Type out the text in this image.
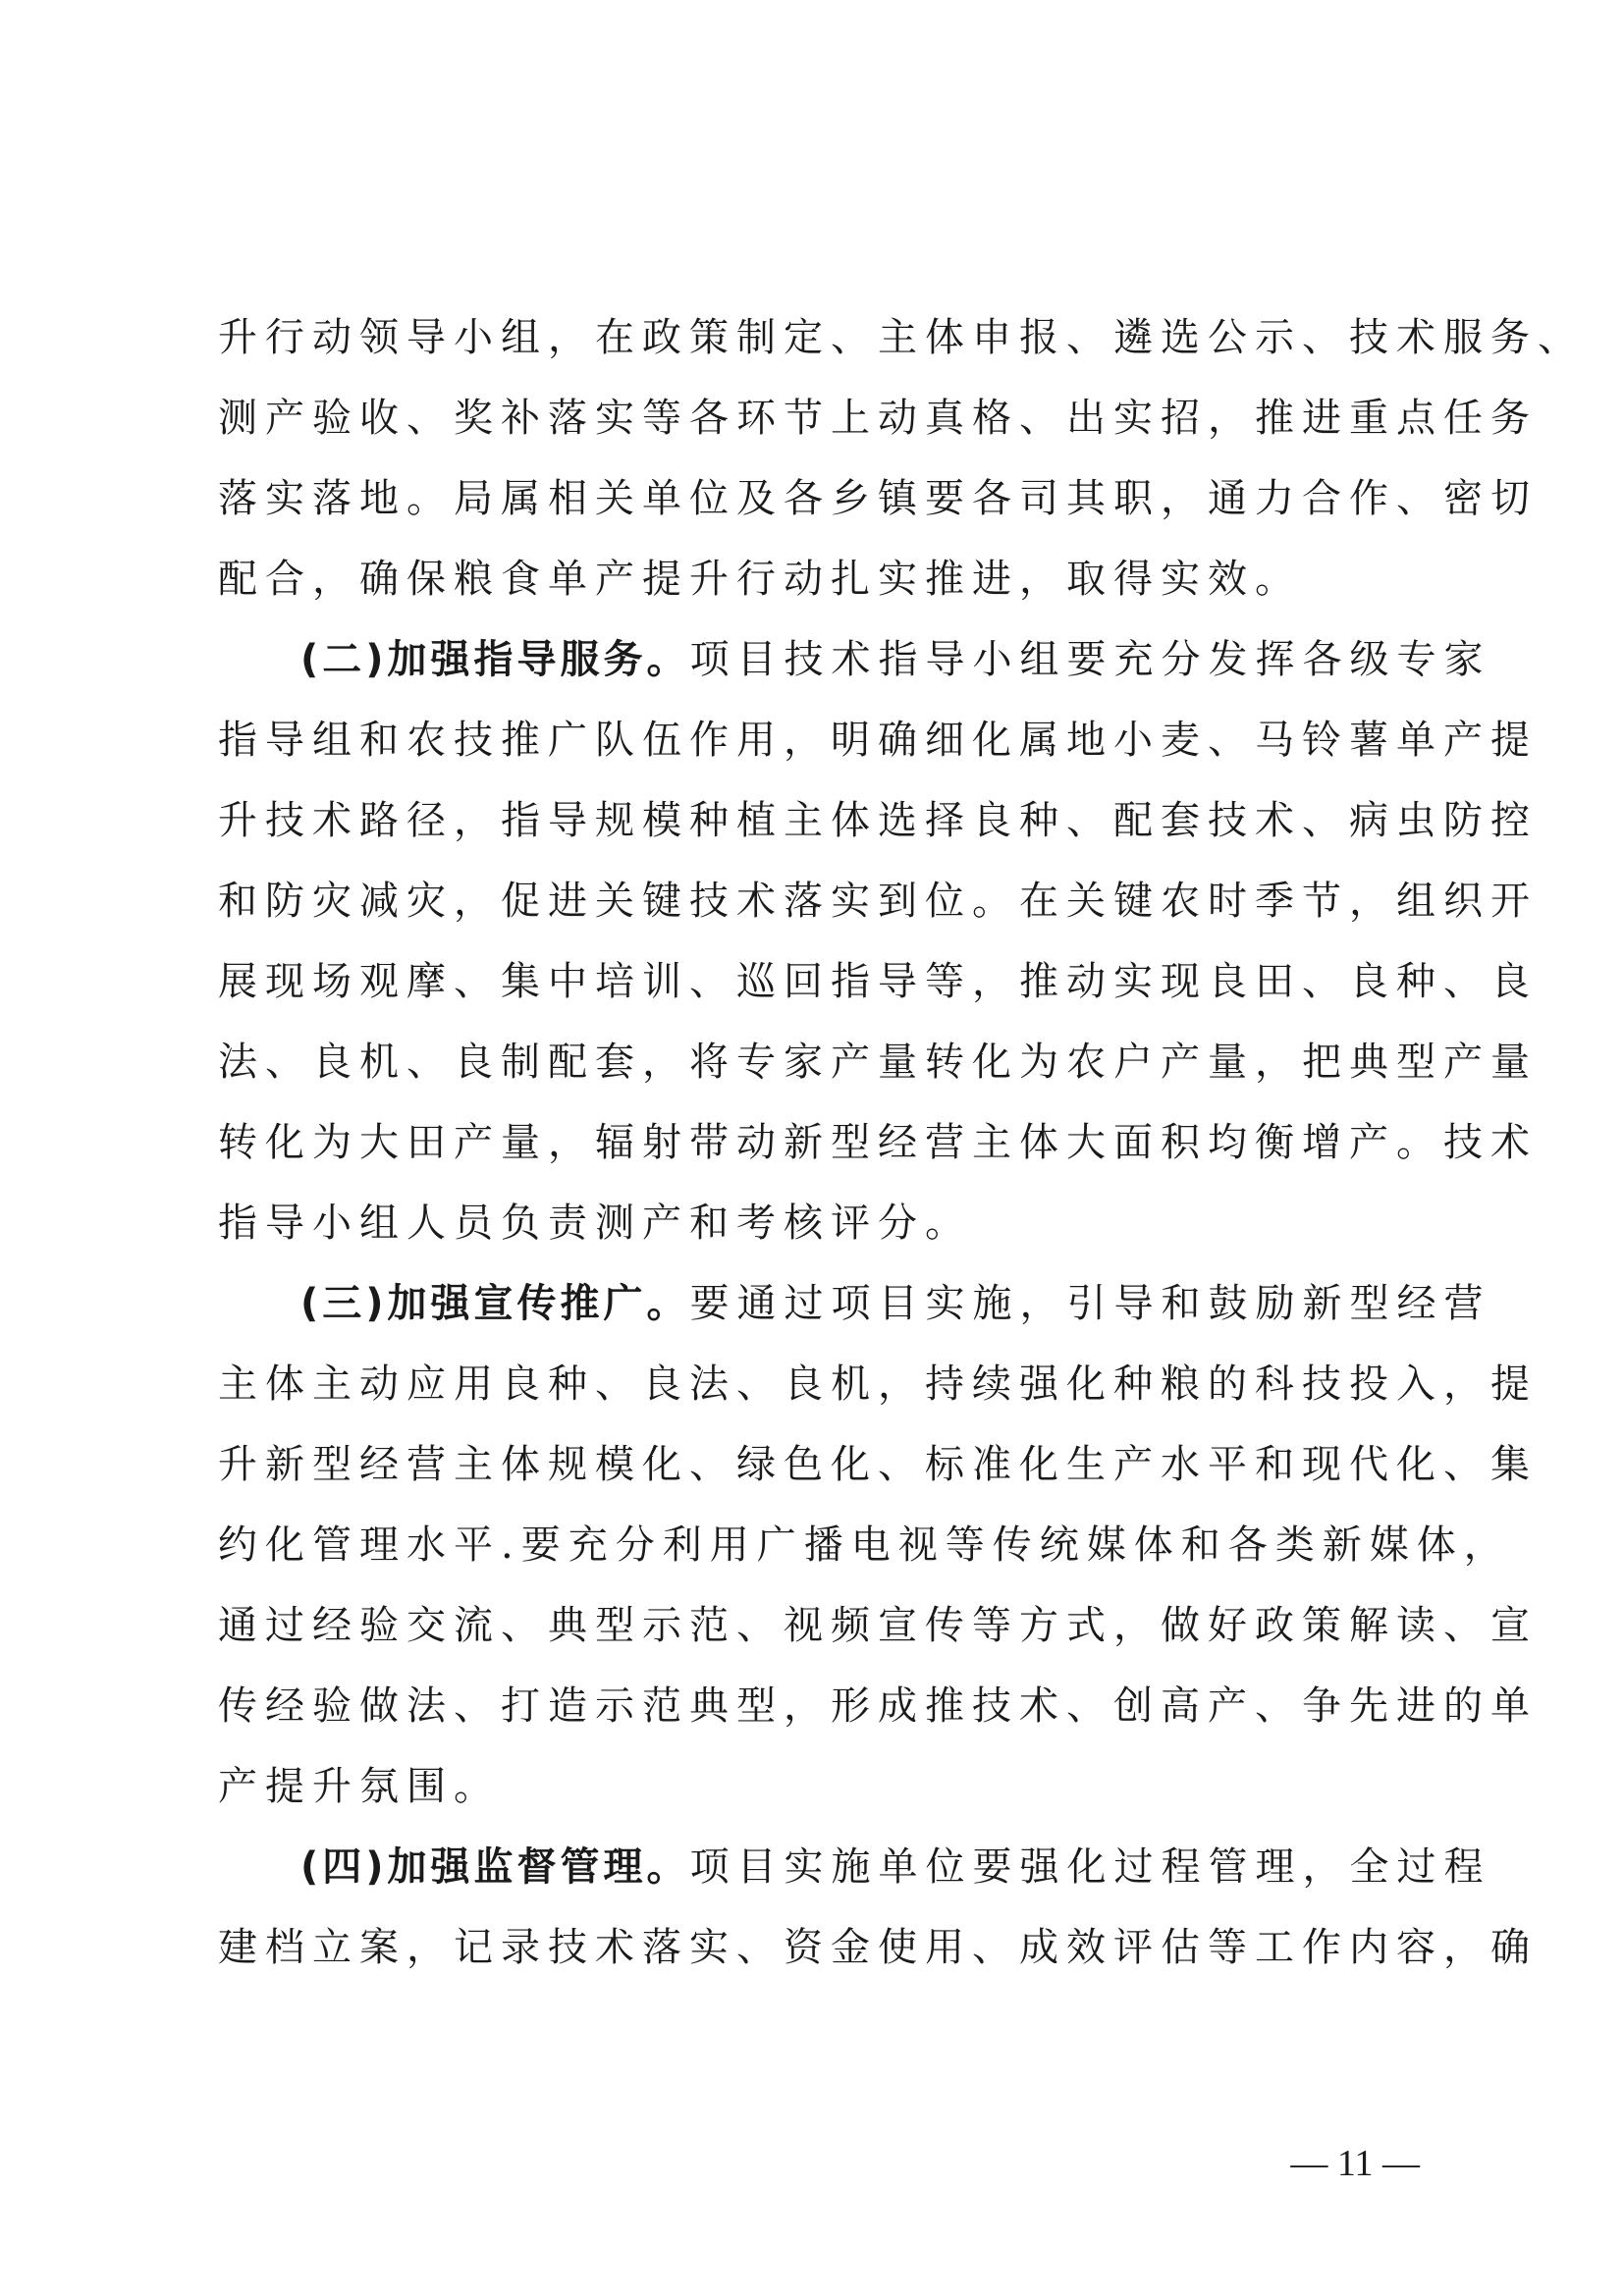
升行动领导小组，在政策制定、主体申报、遴选公示、技术服务、
测产验收、奖补落实等各环节上动真格、出实招，推进重点任务
落实落地。局属相关单位及各乡镇要各司其职，通力合作、密切
配合，确保粮食单产提升行动扎实推进，取得实效。
(二)加强指导服务。项目技术指导小组要充分发挥各级专家
指导组和农技推广队伍作用，明确细化属地小麦、马铃薯单产提
升技术路径，指导规模种植主体选择良种、配套技术、病虫防控
和防灾减灾，促进关键技术落实到位。在关键农时季节，组织开
展现场观摩、集中培训、巡回指导等，推动实现良田、良种、良
法、良机、良制配套，将专家产量转化为农户产量，把典型产量
转化为大田产量，辐射带动新型经营主体大面积均衡增产。技术
指导小组人员负责测产和考核评分。
(三)加强宣传推广。要通过项目实施，引导和鼓励新型经营
主体主动应用良种、良法、良机，持续强化种粮的科技投入，提
升新型经营主体规模化、绿色化、标准化生产水平和现代化、集
约化管理水平.要充分利用广播电视等传统媒体和各类新媒体，
通过经验交流、典型示范、视频宣传等方式，做好政策解读、宣
传经验做法、打造示范典型，形成推技术、创高产、争先进的单
产提升氛围。
(四)加强监督管理。项目实施单位要强化过程管理，全过程
建档立案，记录技术落实、资金使用、成效评估等工作内容，确
— 11 —
